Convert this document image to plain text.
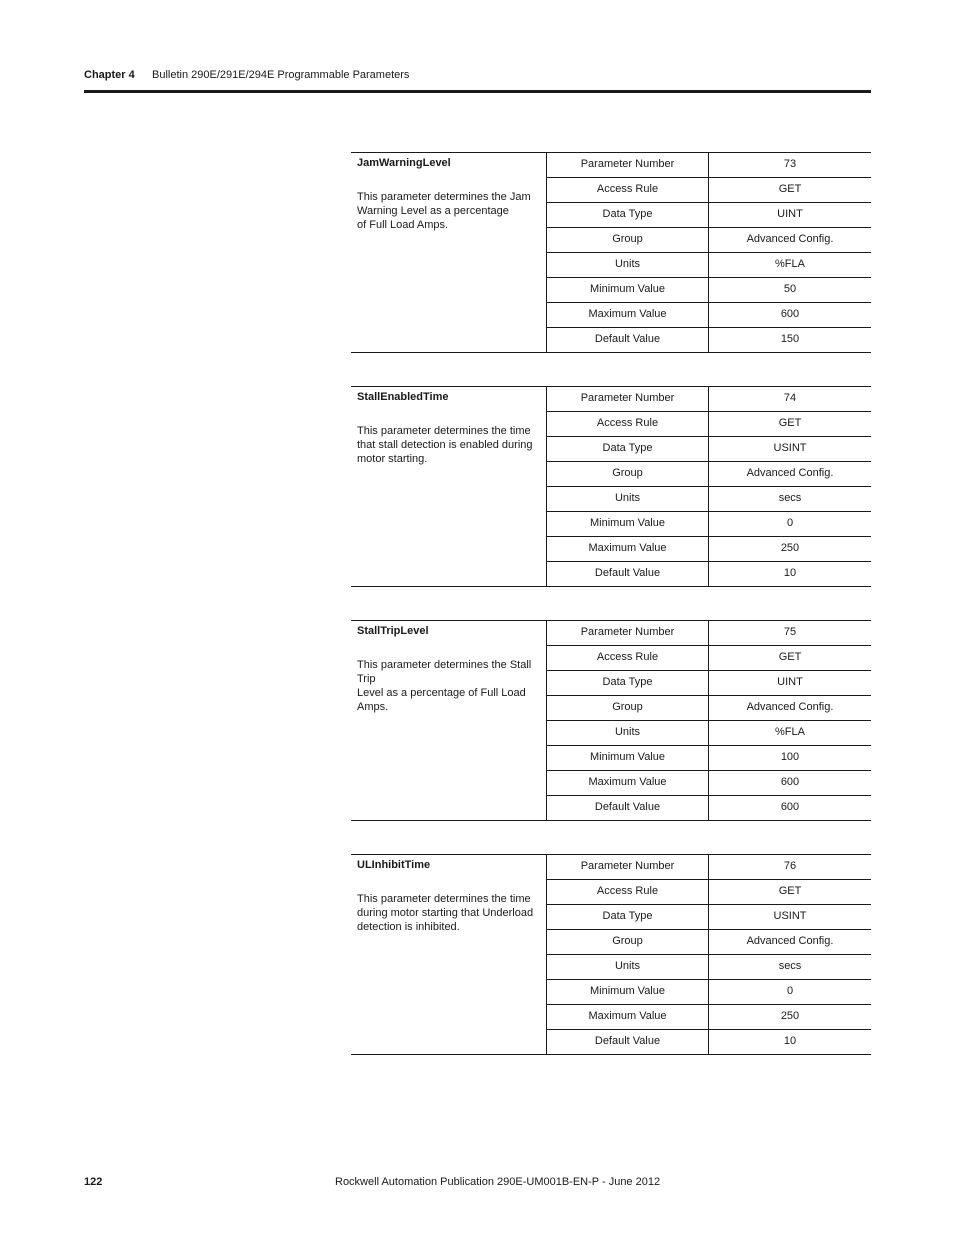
Chapter 4 Bulletin 290E/291E/294E Programmable Parameters
JamWarningLevel
This parameter determines the Jam
Warning Level as a percentage
of Full Load Amps.
Parameter Number	73
Access Rule	GET
Data Type	UINT
Group	Advanced Config.
Units	%FLA
Minimum Value	50
Maximum Value	600
Default Value	150
StallEnabledTime
This parameter determines the time
that stall detection is enabled during
motor starting.
Parameter Number	74
Access Rule	GET
Data Type	USINT
Group	Advanced Config.
Units	secs
Minimum Value	0
Maximum Value	250
Default Value	10
StallTripLevel
This parameter determines the Stall Trip
Level as a percentage of Full Load Amps.
Parameter Number	75
Access Rule	GET
Data Type	UINT
Group	Advanced Config.
Units	%FLA
Minimum Value	100
Maximum Value	600
Default Value	600
ULInhibitTime
This parameter determines the time
during motor starting that Underload
detection is inhibited.
Parameter Number	76
Access Rule	GET
Data Type	USINT
Group	Advanced Config.
Units	secs
Minimum Value	0
Maximum Value	250
Default Value	10
122	Rockwell Automation Publication 290E-UM001B-EN-P - June 2012
